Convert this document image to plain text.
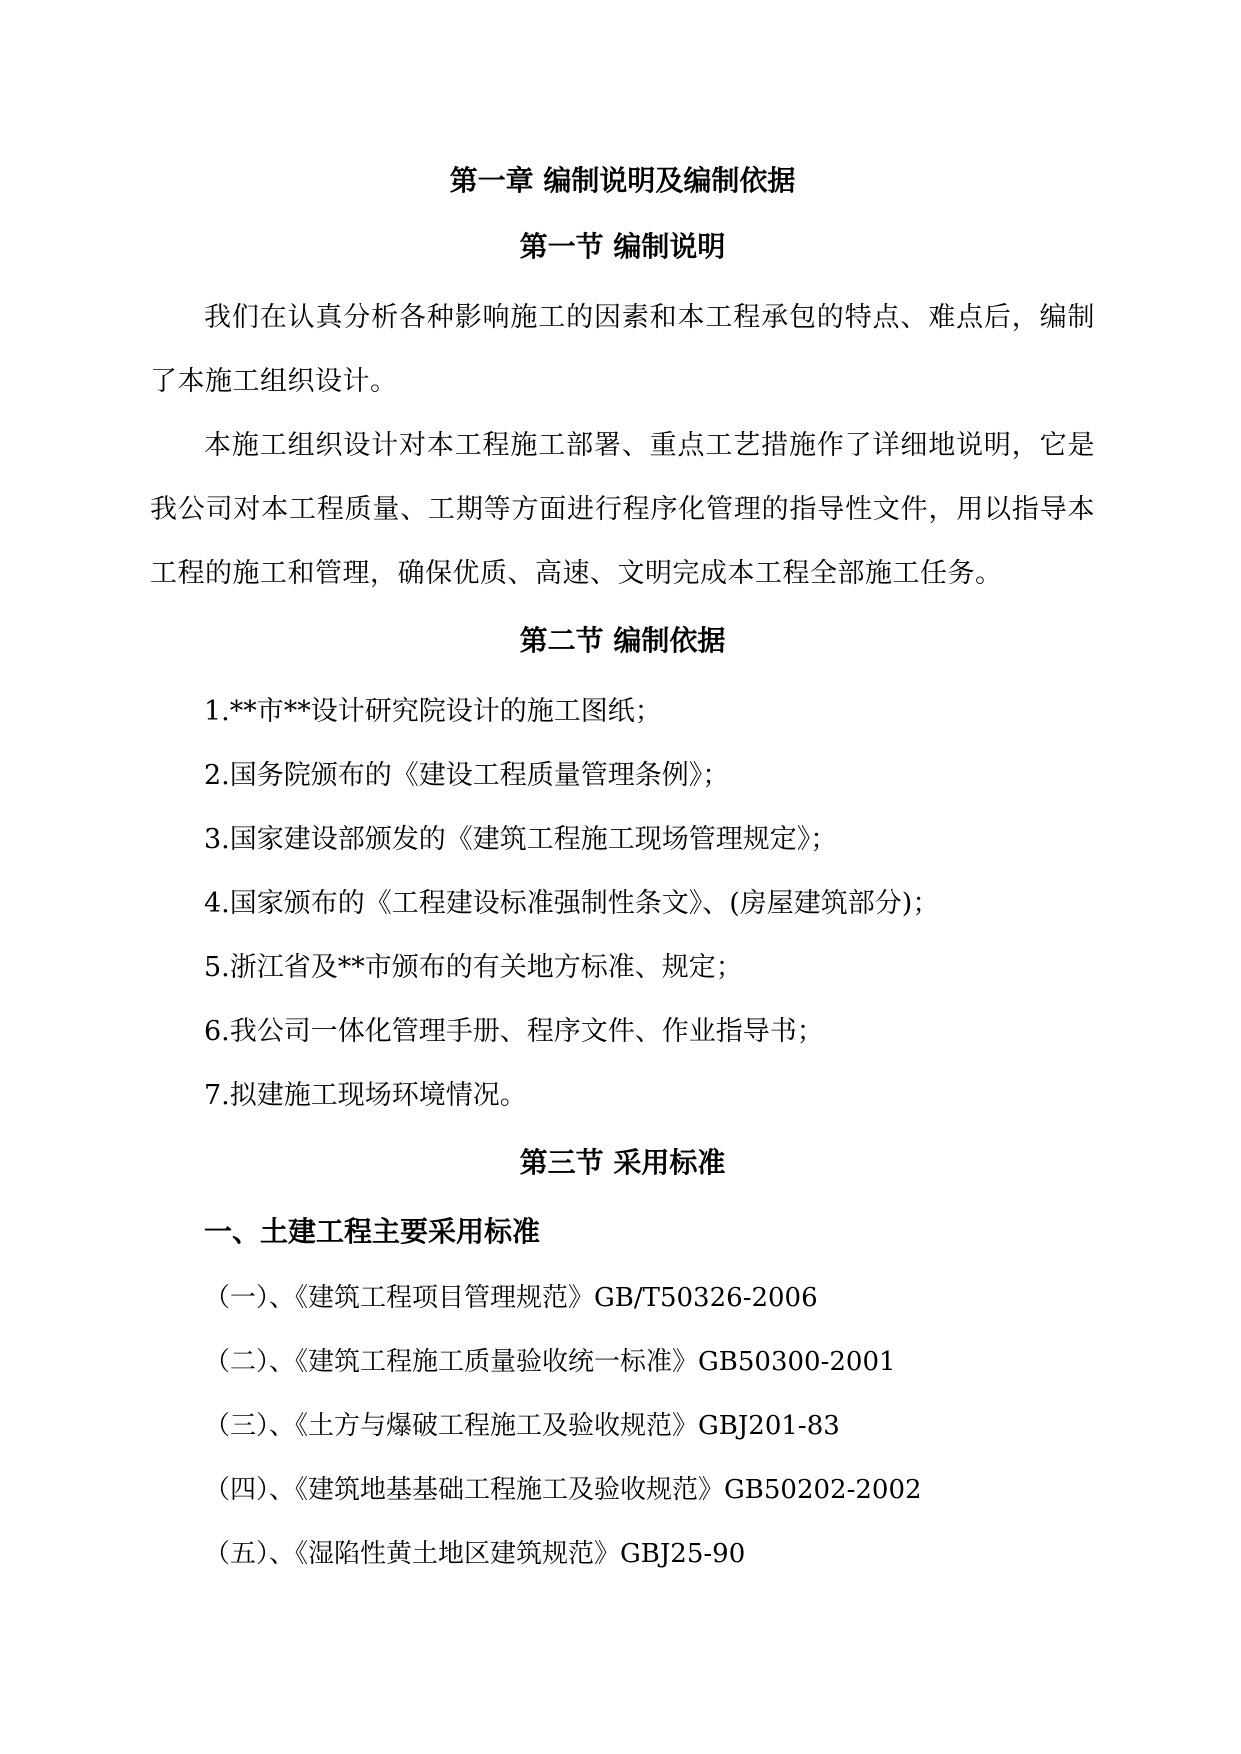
第一章 编制说明及编制依据
第一节 编制说明

我们在认真分析各种影响施工的因素和本工程承包的特点、难点后，编制了本施工组织设计。

本施工组织设计对本工程施工部署、重点工艺措施作了详细地说明，它是我公司对本工程质量、工期等方面进行程序化管理的指导性文件，用以指导本工程的施工和管理，确保优质、高速、文明完成本工程全部施工任务。

第二节 编制依据
1.**市**设计研究院设计的施工图纸；
2.国务院颁布的《建设工程质量管理条例》；
3.国家建设部颁发的《建筑工程施工现场管理规定》；
4.国家颁布的《工程建设标准强制性条文》、(房屋建筑部分)；
5.浙江省及**市颁布的有关地方标准、规定；
6.我公司一体化管理手册、程序文件、作业指导书；
7.拟建施工现场环境情况。
第三节 采用标准
一、土建工程主要采用标准
（一）、《建筑工程项目管理规范》GB/T50326-2006
（二）、《建筑工程施工质量验收统一标准》GB50300-2001
（三）、《土方与爆破工程施工及验收规范》GBJ201-83
（四）、《建筑地基基础工程施工及验收规范》GB50202-2002
（五）、《湿陷性黄土地区建筑规范》GBJ25-90
